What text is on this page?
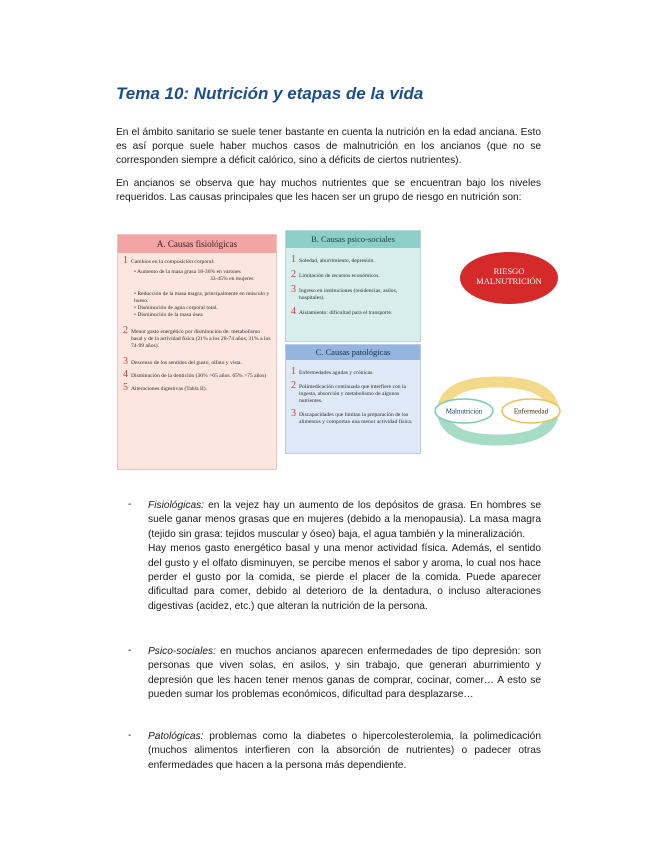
Tema 10: Nutrición y etapas de la vida

En el ámbito sanitario se suele tener bastante en cuenta la nutrición en la edad anciana. Esto es así porque suele haber muchos casos de malnutrición en los ancianos (que no se corresponden siempre a déficit calórico, sino a déficits de ciertos nutrientes).

En ancianos se observa que hay muchos nutrientes que se encuentran bajo los niveles requeridos. Las causas principales que les hacen ser un grupo de riesgo en nutrición son:

A. Causas fisiológicas
1 Cambios en la composición corporal:
• Aumento de la masa grasa 18-36% en varones
33-45% en mujeres
• Reducción de la masa magra, principalmente en músculo y hueso.
• Disminución de agua corporal total.
• Disminución de la masa ósea
2 Menor gasto energético por disminución de: metabolismo basal y de la actividad física (21% a los 28-74 años, 31% a los 74-99 años).
3 Descenso de los sentidos del gusto, olfato y vista.
4 Disminución de la dentición (30% >65 años. 65% >75 años)
5 Alteraciones digestivas (Tabla II).
B. Causas psico-sociales
1 Soledad, aburrimiento, depresión.
2 Limitación de recursos económicos.
3 Ingreso en instituciones (residencias, asilos, hospitales).
4 Aislamiento: dificultad para el transporte.
C. Causas patológicas
1 Enfermedades agudas y crónicas.
2 Polimedicación continuada que interfiere con la ingesta, absorción y metabolismo de algunos nutrientes.
3 Discapacidades que limitan la preparación de los alimentos y comportan una menor actividad física.
RIESGO
MALNUTRICIÓN
Malnutrición	Enfermedad
- Fisiológicas: en la vejez hay un aumento de los depósitos de grasa. En hombres se suele ganar menos grasas que en mujeres (debido a la menopausia). La masa magra (tejido sin grasa: tejidos muscular y óseo) baja, el agua también y la mineralización.
Hay menos gasto energético basal y una menor actividad física. Además, el sentido del gusto y el olfato disminuyen, se percibe menos el sabor y aroma, lo cual nos hace perder el gusto por la comida, se pierde el placer de la comida. Puede aparecer dificultad para comer, debido al deterioro de la dentadura, o incluso alteraciones digestivas (acidez, etc.) que alteran la nutrición de la persona.
- Psico-sociales: en muchos ancianos aparecen enfermedades de tipo depresión: son personas que viven solas, en asilos, y sin trabajo, que generan aburrimiento y depresión que les hacen tener menos ganas de comprar, cocinar, comer… A esto se pueden sumar los problemas económicos, dificultad para desplazarse…
- Patológicas: problemas como la diabetes o hipercolesterolemia, la polimedicación (muchos alimentos interfieren con la absorción de nutrientes) o padecer otras enfermedades que hacen a la persona más dependiente.
